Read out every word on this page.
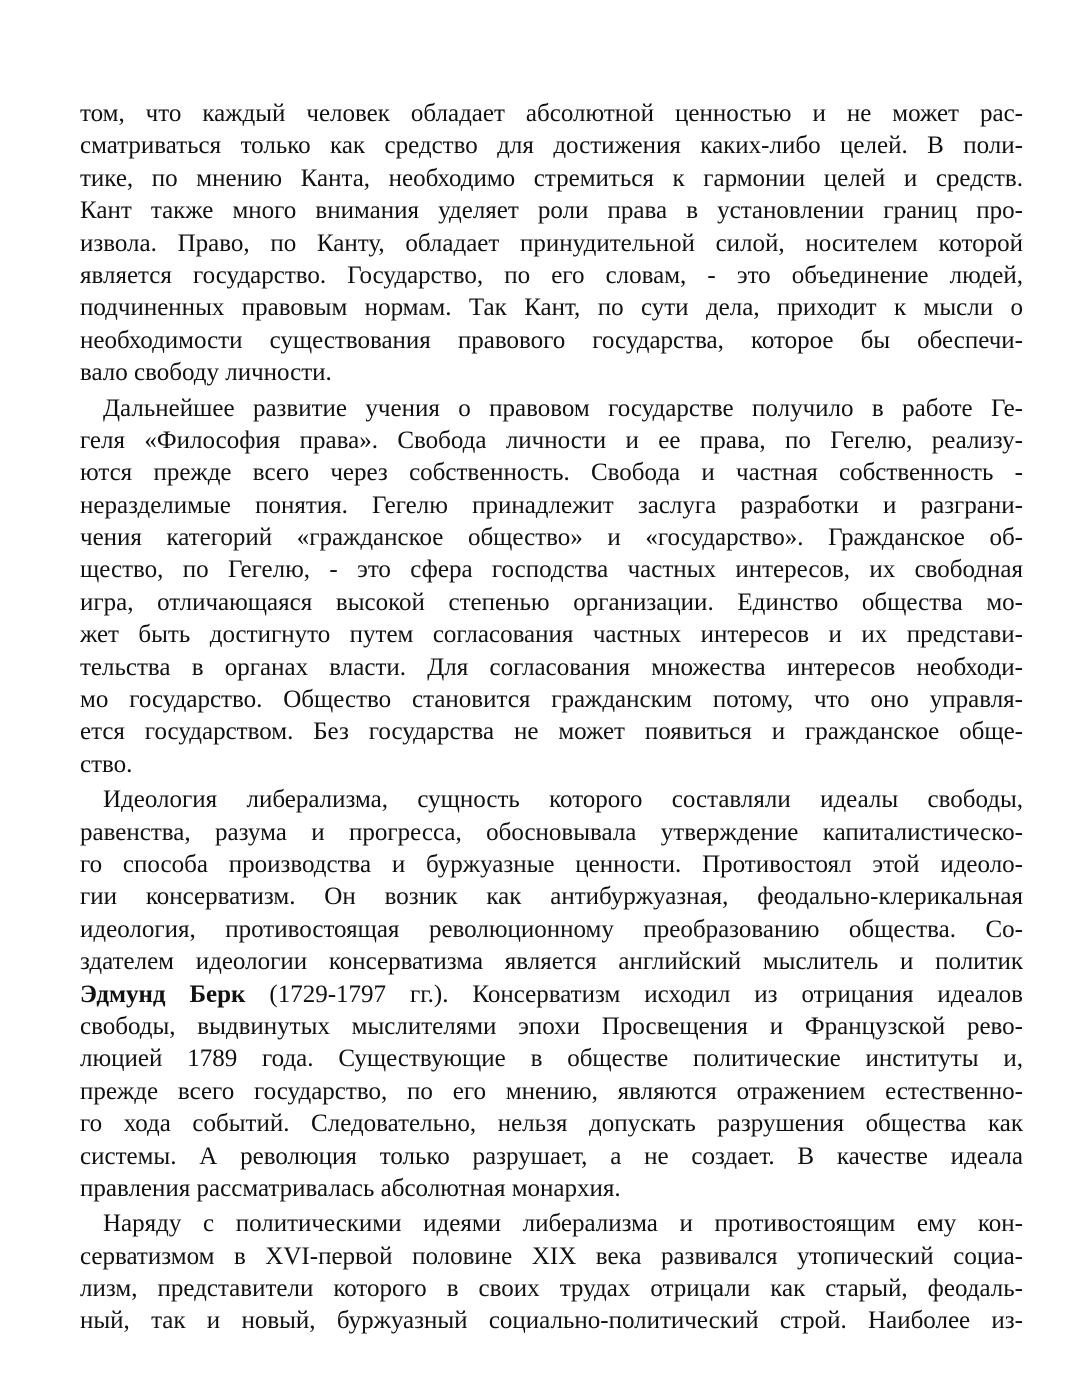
том, что каждый человек обладает абсолютной ценностью и не может рас-
сматриваться только как средство для достижения каких-либо целей. В поли-
тике, по мнению Канта, необходимо стремиться к гармонии целей и средств.
Кант также много внимания уделяет роли права в установлении границ про-
извола. Право, по Канту, обладает принудительной силой, носителем которой
является государство. Государство, по его словам, - это объединение людей,
подчиненных правовым нормам. Так Кант, по сути дела, приходит к мысли о
необходимости существования правового государства, которое бы обеспечи-
вало свободу личности.
Дальнейшее развитие учения о правовом государстве получило в работе Ге-
геля «Философия права». Свобода личности и ее права, по Гегелю, реализу-
ются прежде всего через собственность. Свобода и частная собственность -
неразделимые понятия. Гегелю принадлежит заслуга разработки и разграни-
чения категорий «гражданское общество» и «государство». Гражданское об-
щество, по Гегелю, - это сфера господства частных интересов, их свободная
игра, отличающаяся высокой степенью организации. Единство общества мо-
жет быть достигнуто путем согласования частных интересов и их представи-
тельства в органах власти. Для согласования множества интересов необходи-
мо государство. Общество становится гражданским потому, что оно управля-
ется государством. Без государства не может появиться и гражданское обще-
ство.
Идеология либерализма, сущность которого составляли идеалы свободы,
равенства, разума и прогресса, обосновывала утверждение капиталистическо-
го способа производства и буржуазные ценности. Противостоял этой идеоло-
гии консерватизм. Он возник как антибуржуазная, феодально-клерикальная
идеология, противостоящая революционному преобразованию общества. Со-
здателем идеологии консерватизма является английский мыслитель и политик
Эдмунд Берк (1729-1797 гг.). Консерватизм исходил из отрицания идеалов
свободы, выдвинутых мыслителями эпохи Просвещения и Французской рево-
люцией 1789 года. Существующие в обществе политические институты и,
прежде всего государство, по его мнению, являются отражением естественно-
го хода событий. Следовательно, нельзя допускать разрушения общества как
системы. А революция только разрушает, а не создает. В качестве идеала
правления рассматривалась абсолютная монархия.
Наряду с политическими идеями либерализма и противостоящим ему кон-
серватизмом в XVI-первой половине XIX века развивался утопический социа-
лизм, представители которого в своих трудах отрицали как старый, феодаль-
ный, так и новый, буржуазный социально-политический строй. Наиболее из-
